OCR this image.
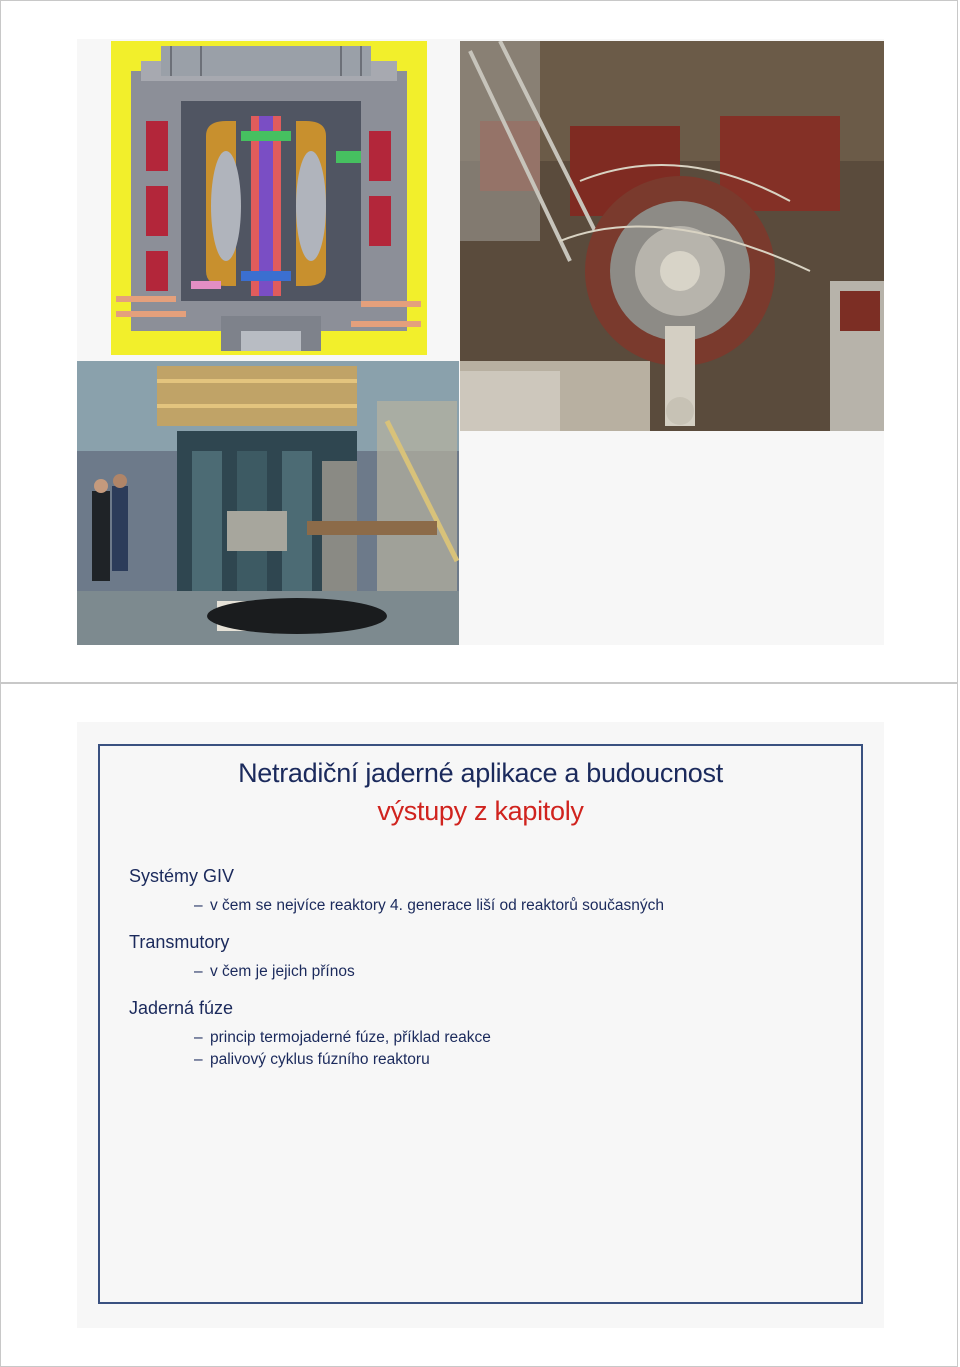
Netradiční jaderné aplikace a budoucnost
výstupy z kapitoly
Systémy GIV
– v čem se nejvíce reaktory 4. generace liší od reaktorů současných
Transmutory
– v čem je jejich přínos
Jaderná fúze
– princip termojaderné fúze, příklad reakce
– palivový cyklus fúzního reaktoru
